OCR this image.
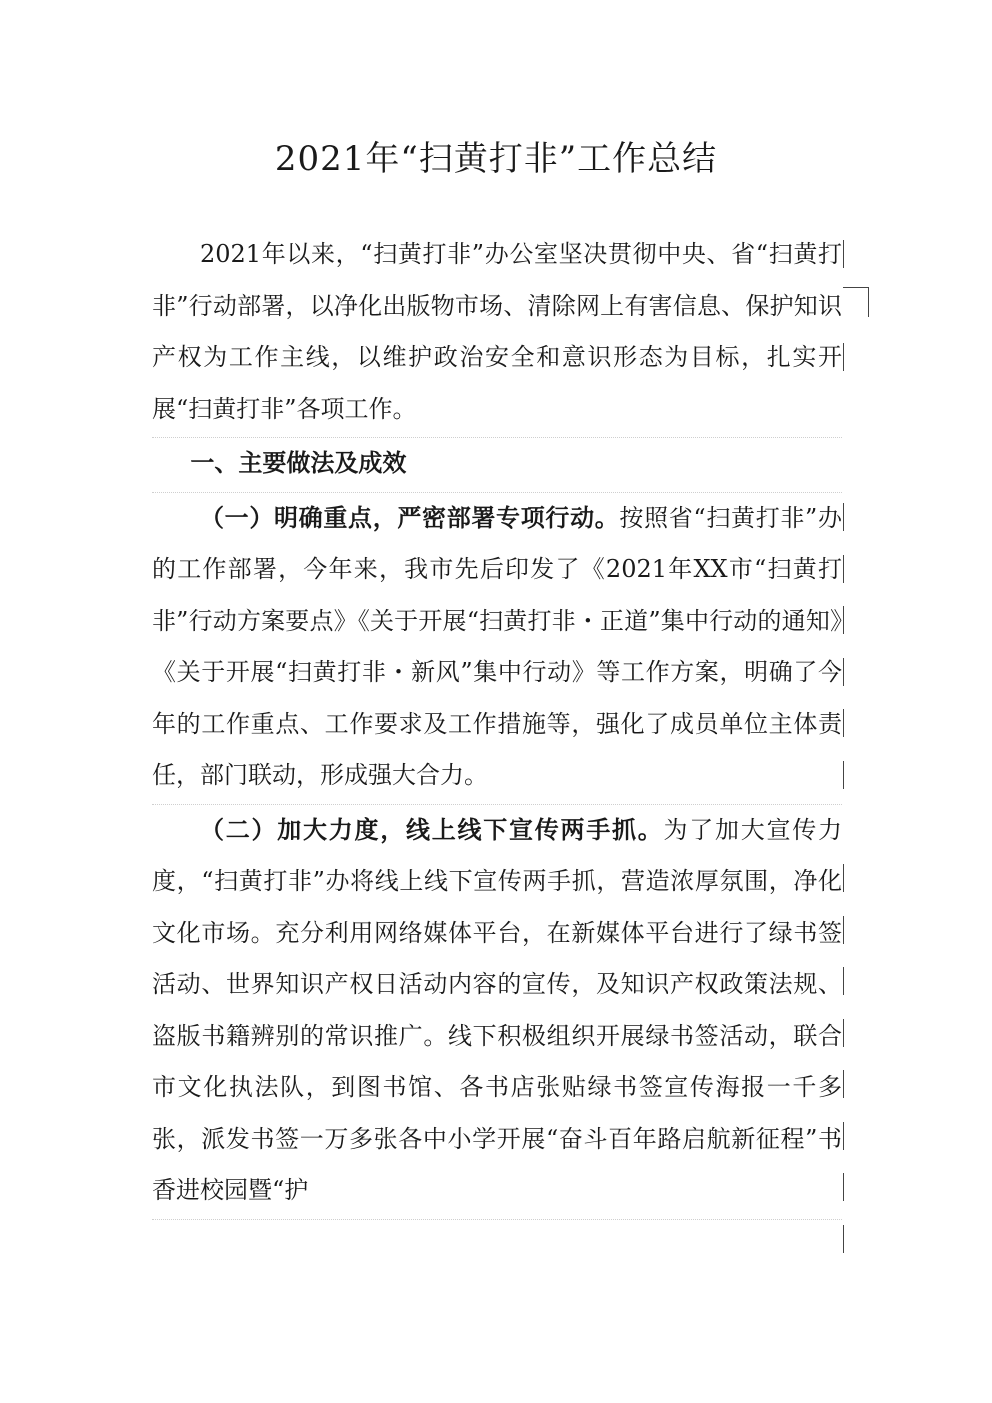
2021年“扫黄打非”工作总结

2021年以来，“扫黄打非”办公室坚决贯彻中央、省“扫黄打非”行动部署，以净化出版物市场、清除网上有害信息、保护知识产权为工作主线，以维护政治安全和意识形态为目标，扎实开展“扫黄打非”各项工作。

一、主要做法及成效

（一）明确重点，严密部署专项行动。按照省“扫黄打非”办的工作部署，今年来，我市先后印发了《2021年XX市“扫黄打非”行动方案要点》《关于开展“扫黄打非・正道”集中行动的通知》《关于开展“扫黄打非・新风”集中行动》等工作方案，明确了今年的工作重点、工作要求及工作措施等，强化了成员单位主体责任，部门联动，形成强大合力。

（二）加大力度，线上线下宣传两手抓。为了加大宣传力度，“扫黄打非”办将线上线下宣传两手抓，营造浓厚氛围，净化文化市场。充分利用网络媒体平台，在新媒体平台进行了绿书签活动、世界知识产权日活动内容的宣传，及知识产权政策法规、盗版书籍辨别的常识推广。线下积极组织开展绿书签活动，联合市文化执法队，到图书馆、各书店张贴绿书签宣传海报一千多张，派发书签一万多张各中小学开展“奋斗百年路启航新征程”书香进校园暨“护
